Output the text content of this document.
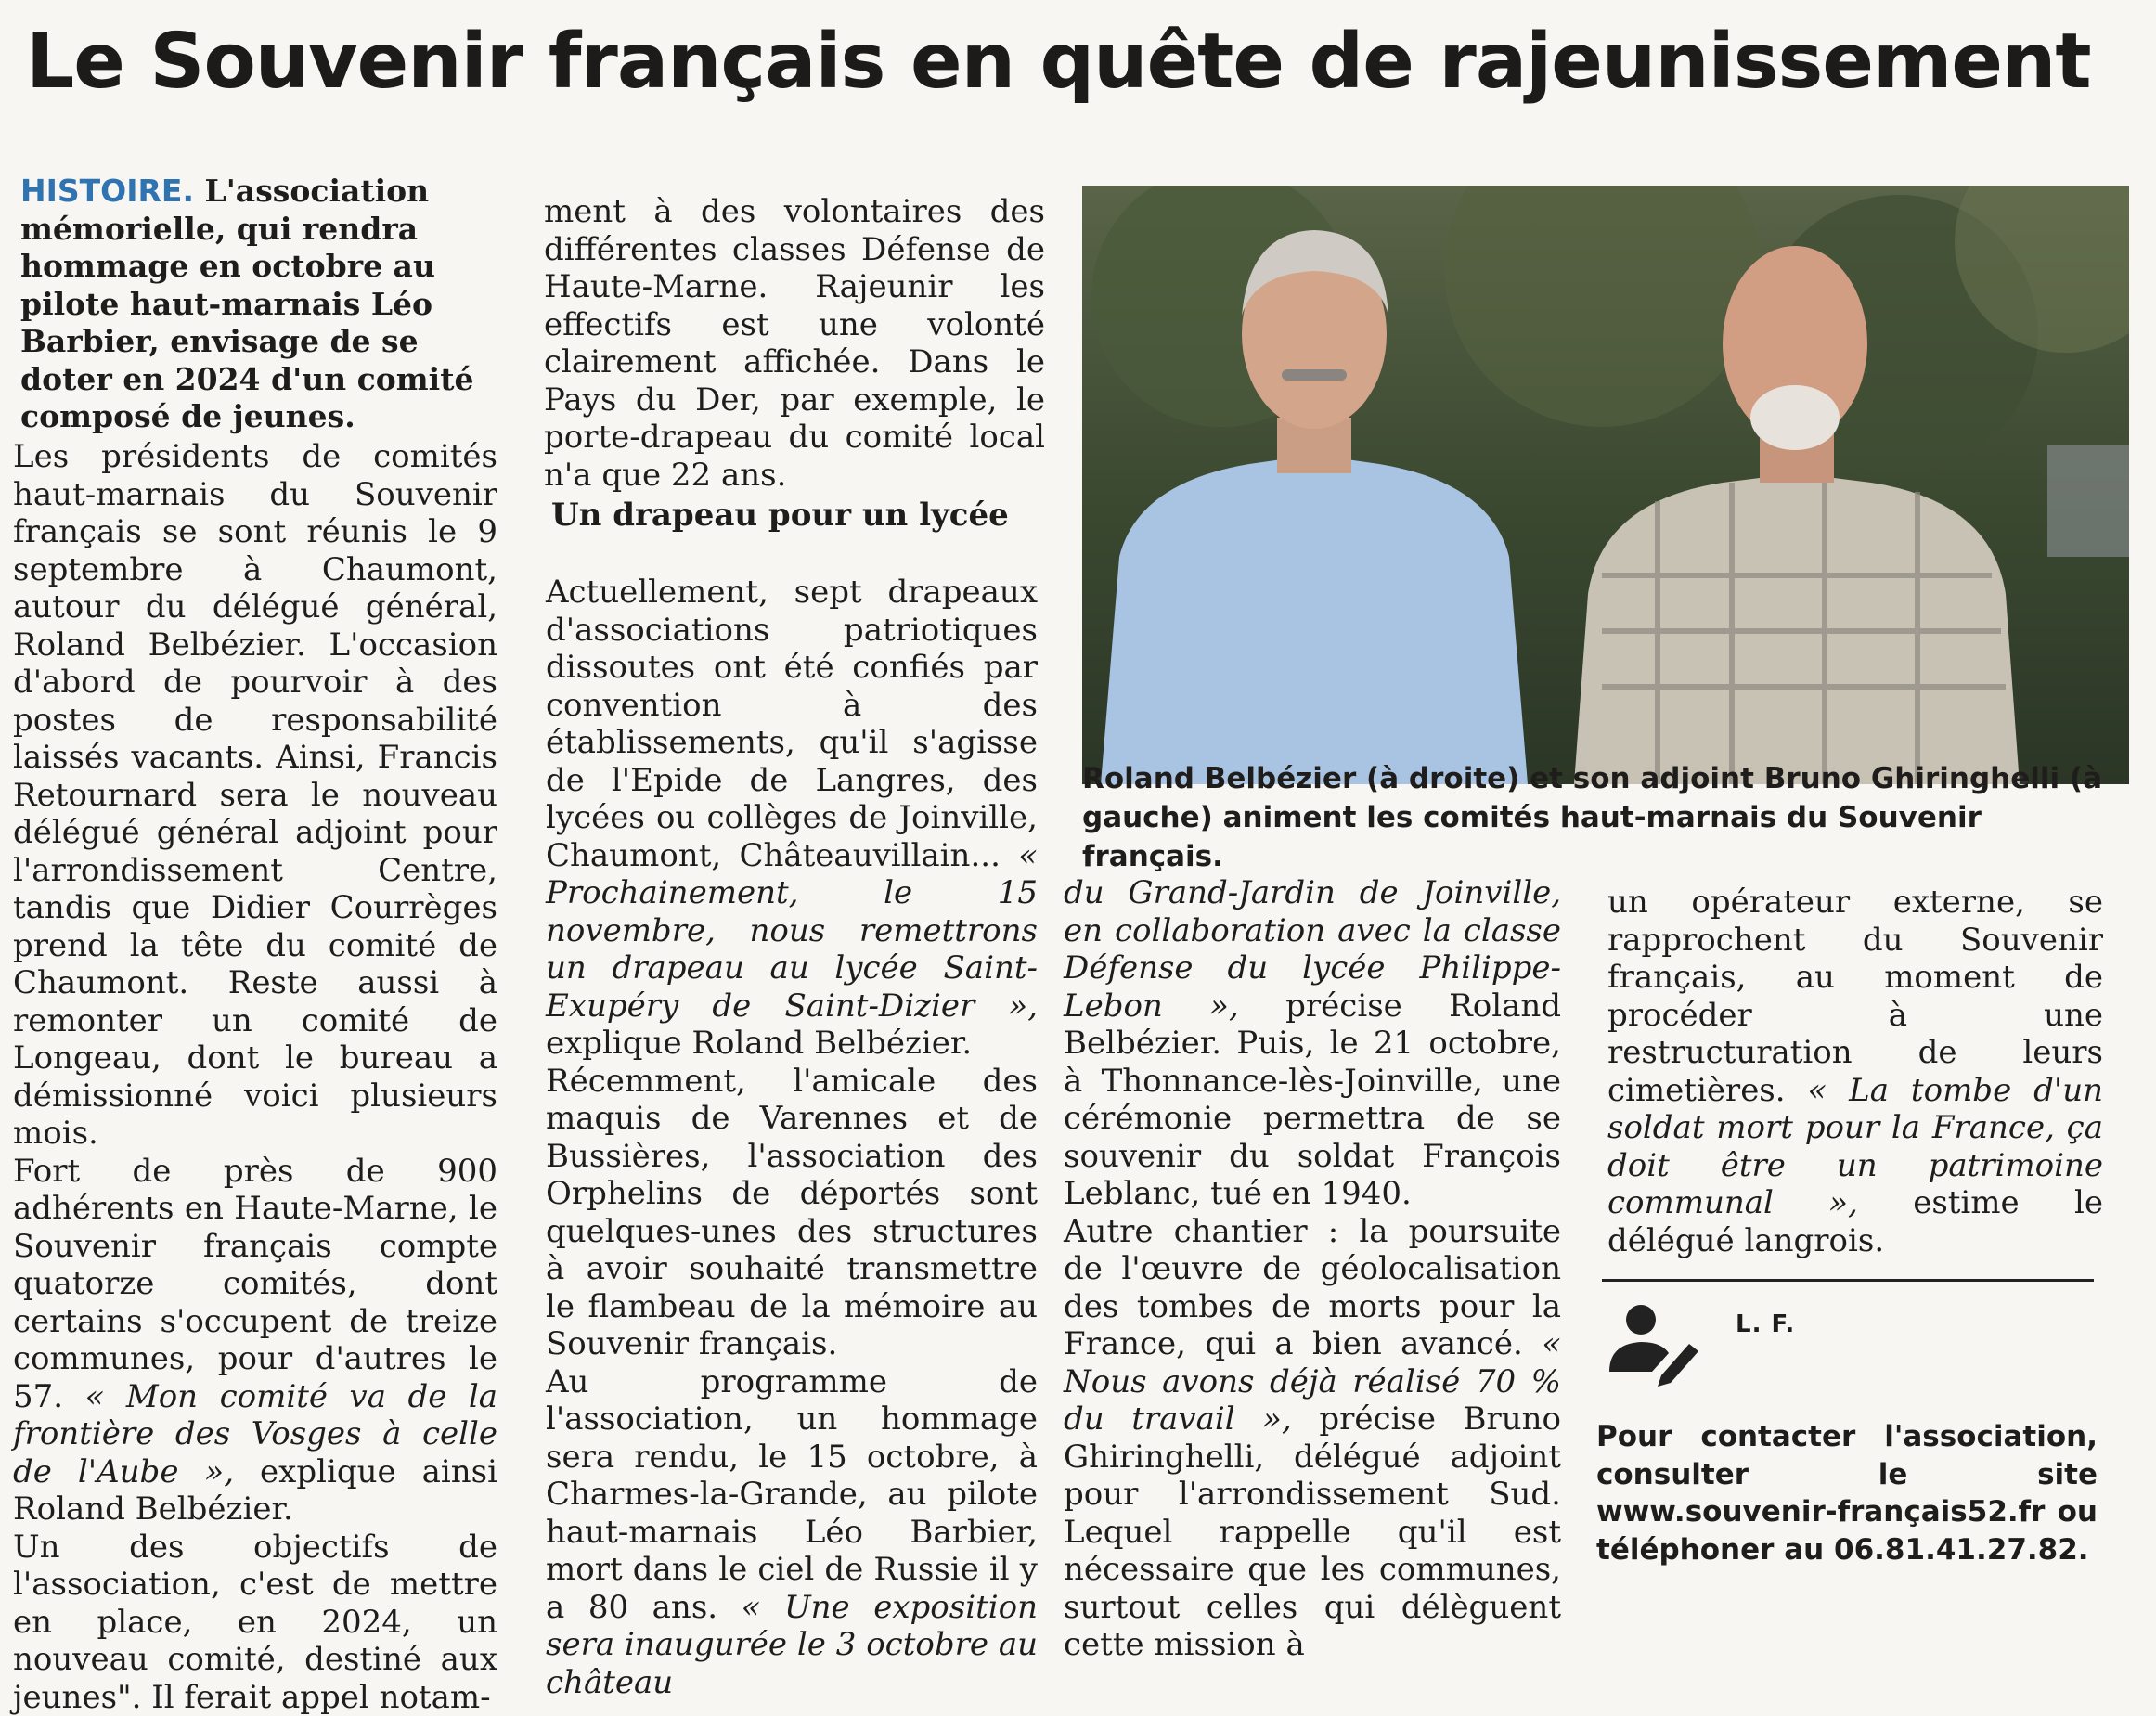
Le Souvenir français en quête de rajeunissement
HISTOIRE. L'association mémorielle, qui rendra hommage en octobre au pilote haut-marnais Léo Barbier, envisage de se doter en 2024 d'un comité composé de jeunes.

Les présidents de comités haut-marnais du Souvenir français se sont réunis le 9 septembre à Chaumont, autour du délégué général, Roland Belbézier. L'occasion d'abord de pourvoir à des postes de responsabilité laissés vacants. Ainsi, Francis Retournard sera le nouveau délégué général adjoint pour l'arrondissement Centre, tandis que Didier Courrèges prend la tête du comité de Chaumont. Reste aussi à remonter un comité de Longeau, dont le bureau a démissionné voici plusieurs mois.

Fort de près de 900 adhérents en Haute-Marne, le Souvenir français compte quatorze comités, dont certains s'occupent de treize communes, pour d'autres le 57. « Mon comité va de la frontière des Vosges à celle de l'Aube », explique ainsi Roland Belbézier.

Un des objectifs de l'association, c'est de mettre en place, en 2024, un nouveau comité, destiné aux jeunes". Il ferait appel notam-

ment à des volontaires des différentes classes Défense de Haute-Marne. Rajeunir les effectifs est une volonté clairement affichée. Dans le Pays du Der, par exemple, le porte-drapeau du comité local n'a que 22 ans.

Un drapeau pour un lycée

Actuellement, sept drapeaux d'associations patriotiques dissoutes ont été confiés par convention à des établissements, qu'il s'agisse de l'Epide de Langres, des lycées ou collèges de Joinville, Chaumont, Châteauvillain... « Prochainement, le 15 novembre, nous remettrons un drapeau au lycée Saint-Exupéry de Saint-Dizier », explique Roland Belbézier.

Récemment, l'amicale des maquis de Varennes et de Bussières, l'association des Orphelins de déportés sont quelques-unes des structures à avoir souhaité transmettre le flambeau de la mémoire au Souvenir français.

Au programme de l'association, un hommage sera rendu, le 15 octobre, à Charmes-la-Grande, au pilote haut-marnais Léo Barbier, mort dans le ciel de Russie il y a 80 ans. « Une exposition sera inaugurée le 3 octobre au château

Roland Belbézier (à droite) et son adjoint Bruno Ghiringhelli (à gauche) animent les comités haut-marnais du Souvenir français.

du Grand-Jardin de Joinville, en collaboration avec la classe Défense du lycée Philippe-Lebon », précise Roland Belbézier. Puis, le 21 octobre, à Thonnance-lès-Joinville, une cérémonie permettra de se souvenir du soldat François Leblanc, tué en 1940.

Autre chantier : la poursuite de l'œuvre de géolocalisation des tombes de morts pour la France, qui a bien avancé. « Nous avons déjà réalisé 70 % du travail », précise Bruno Ghiringhelli, délégué adjoint pour l'arrondissement Sud. Lequel rappelle qu'il est nécessaire que les communes, surtout celles qui délèguent cette mission à

un opérateur externe, se rapprochent du Souvenir français, au moment de procéder à une restructuration de leurs cimetières. « La tombe d'un soldat mort pour la France, ça doit être un patrimoine communal », estime le délégué langrois.

L. F.

Pour contacter l'association, consulter le site www.souvenir-français52.fr ou téléphoner au 06.81.41.27.82.
